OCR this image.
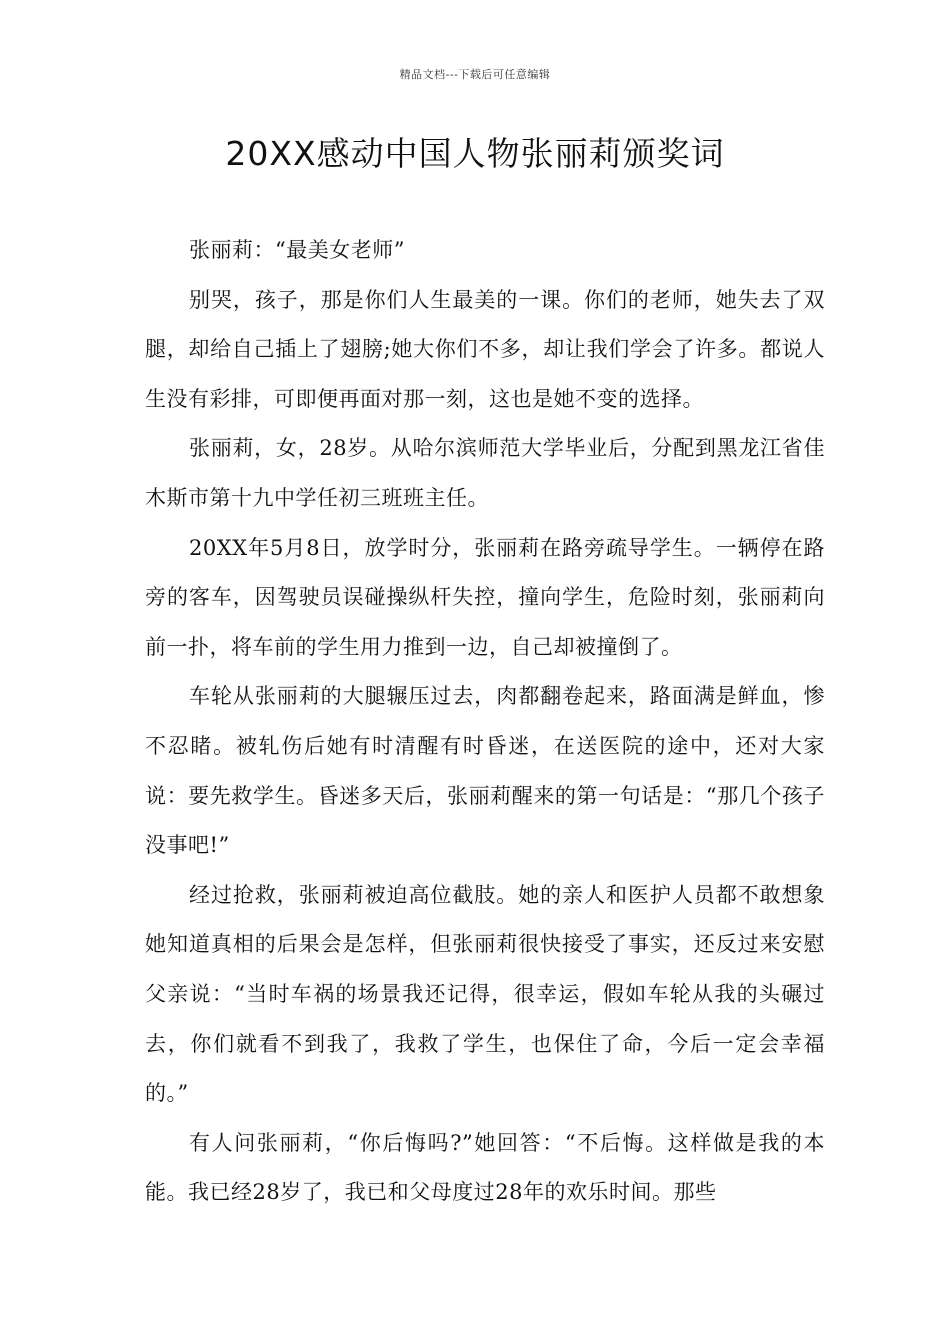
精品文档---下载后可任意编辑
20XX感动中国人物张丽莉颁奖词

张丽莉：“最美女老师”

别哭，孩子，那是你们人生最美的一课。你们的老师，她失去了双腿，却给自己插上了翅膀;她大你们不多，却让我们学会了许多。都说人生没有彩排，可即便再面对那一刻，这也是她不变的选择。

张丽莉，女，28岁。从哈尔滨师范大学毕业后，分配到黑龙江省佳木斯市第十九中学任初三班班主任。

20XX年5月8日，放学时分，张丽莉在路旁疏导学生。一辆停在路旁的客车，因驾驶员误碰操纵杆失控，撞向学生，危险时刻，张丽莉向前一扑，将车前的学生用力推到一边，自己却被撞倒了。

车轮从张丽莉的大腿辗压过去，肉都翻卷起来，路面满是鲜血，惨不忍睹。被轧伤后她有时清醒有时昏迷，在送医院的途中，还对大家说：要先救学生。昏迷多天后，张丽莉醒来的第一句话是：“那几个孩子没事吧!”

经过抢救，张丽莉被迫高位截肢。她的亲人和医护人员都不敢想象她知道真相的后果会是怎样，但张丽莉很快接受了事实，还反过来安慰父亲说：“当时车祸的场景我还记得，很幸运，假如车轮从我的头碾过去，你们就看不到我了，我救了学生，也保住了命，今后一定会幸福的。”

有人问张丽莉，“你后悔吗?”她回答：“不后悔。这样做是我的本能。我已经28岁了，我已和父母度过28年的欢乐时间。那些
